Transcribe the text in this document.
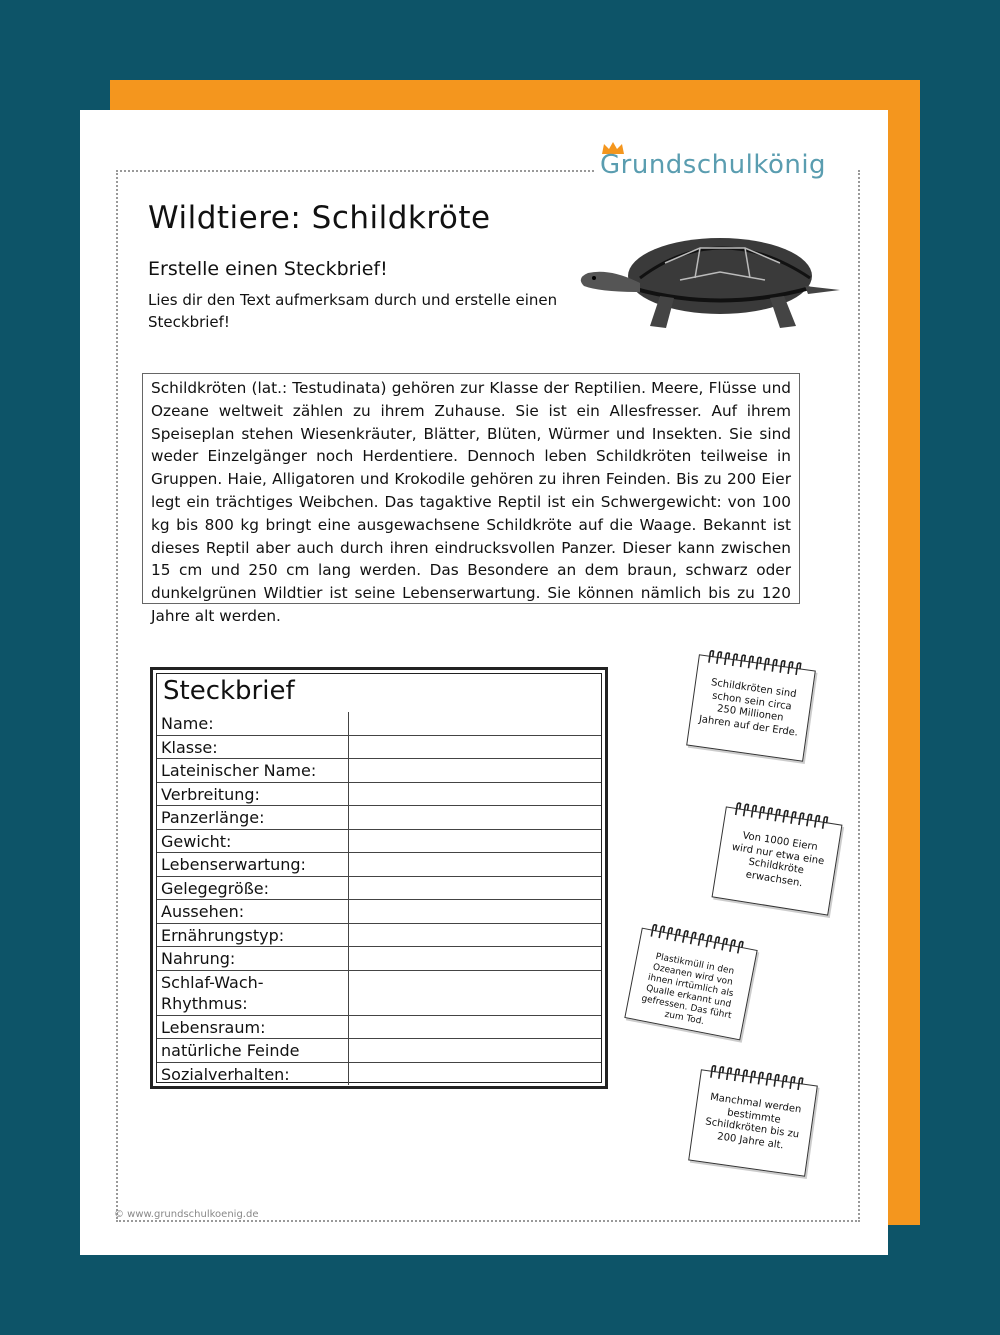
Grundschulkönig
Wildtiere: Schildkröte
Erstelle einen Steckbrief!
Lies dir den Text aufmerksam durch und erstelle einen Steckbrief!
Schildkröten (lat.: Testudinata) gehören zur Klasse der Reptilien. Meere, Flüsse und Ozeane weltweit zählen zu ihrem Zuhause. Sie ist ein Allesfresser. Auf ihrem Speiseplan stehen Wiesenkräuter, Blätter, Blüten, Würmer und Insekten. Sie sind weder Einzelgänger noch Herdentiere. Dennoch leben Schildkröten teilweise in Gruppen. Haie, Alligatoren und Krokodile gehören zu ihren Feinden. Bis zu 200 Eier legt ein trächtiges Weibchen. Das tagaktive Reptil ist ein Schwergewicht: von 100 kg bis 800 kg bringt eine ausgewachsene Schildkröte auf die Waage. Bekannt ist dieses Reptil aber auch durch ihren eindrucksvollen Panzer. Dieser kann zwischen 15 cm und 250 cm lang werden. Das Besondere an dem braun, schwarz oder dunkelgrünen Wildtier ist seine Lebenserwartung. Sie können nämlich bis zu 120 Jahre alt werden.
Steckbrief
Name:
Klasse:
Lateinischer Name:
Verbreitung:
Panzerlänge:
Gewicht:
Lebenserwartung:
Gelegegröße:
Aussehen:
Ernährungstyp:
Nahrung:
Schlaf-Wach-Rhythmus:
Lebensraum:
natürliche Feinde
Sozialverhalten:
Schildkröten sind schon sein circa 250 Millionen Jahren auf der Erde.
Von 1000 Eiern wird nur etwa eine Schildkröte erwachsen.
Plastikmüll in den Ozeanen wird von ihnen irrtümlich als Qualle erkannt und gefressen. Das führt zum Tod.
Manchmal werden bestimmte Schildkröten bis zu 200 Jahre alt.
© www.grundschulkoenig.de
